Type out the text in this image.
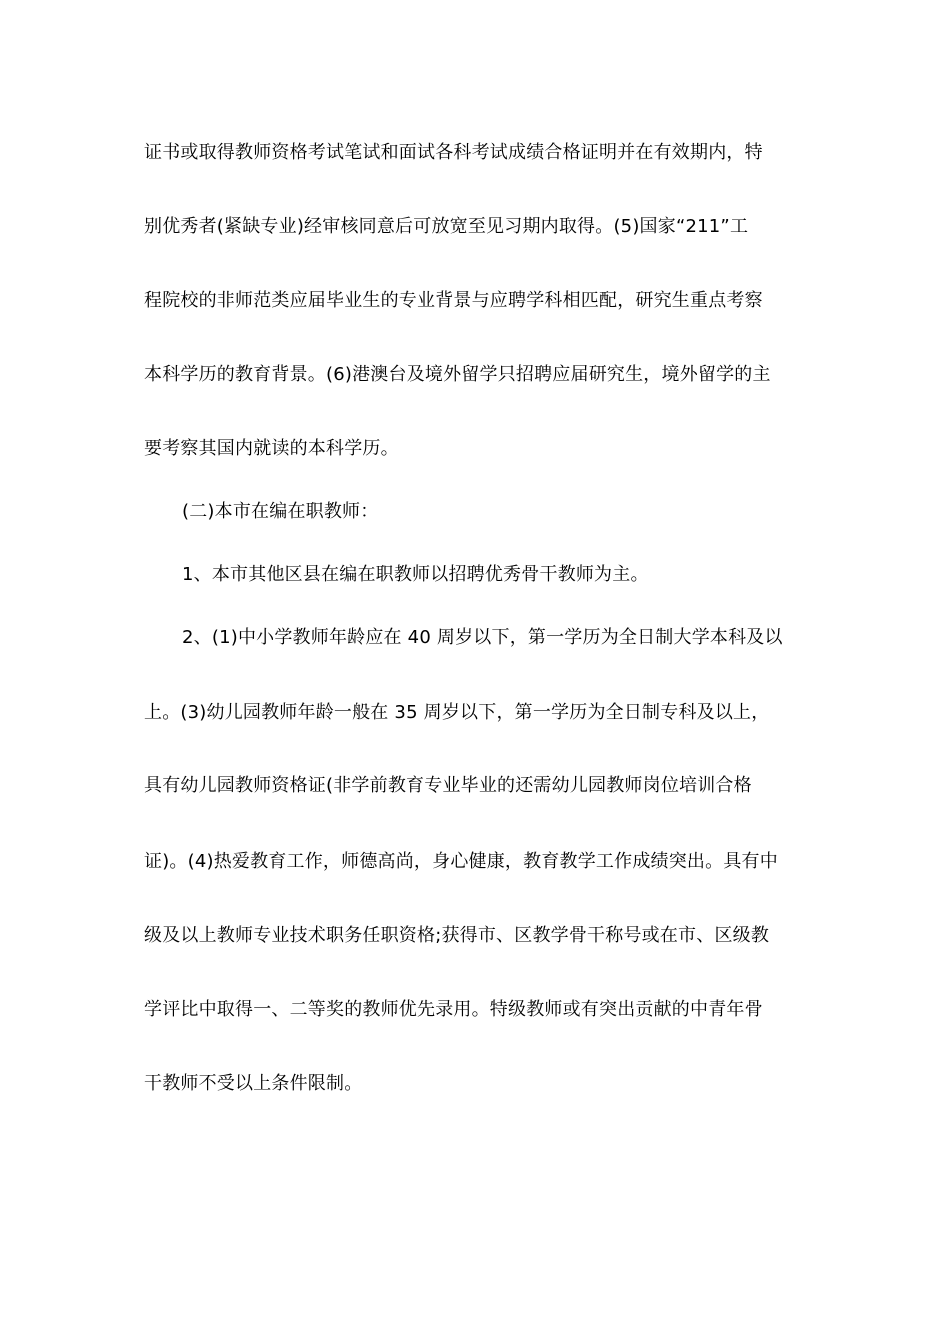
证书或取得教师资格考试笔试和面试各科考试成绩合格证明并在有效期内，特
别优秀者(紧缺专业)经审核同意后可放宽至见习期内取得。(5)国家“211”工
程院校的非师范类应届毕业生的专业背景与应聘学科相匹配，研究生重点考察
本科学历的教育背景。(6)港澳台及境外留学只招聘应届研究生，境外留学的主
要考察其国内就读的本科学历。
(二)本市在编在职教师：
1、本市其他区县在编在职教师以招聘优秀骨干教师为主。
2、(1)中小学教师年龄应在 40 周岁以下，第一学历为全日制大学本科及以
上。(3)幼儿园教师年龄一般在 35 周岁以下，第一学历为全日制专科及以上，
具有幼儿园教师资格证(非学前教育专业毕业的还需幼儿园教师岗位培训合格
证)。(4)热爱教育工作，师德高尚，身心健康，教育教学工作成绩突出。具有中
级及以上教师专业技术职务任职资格;获得市、区教学骨干称号或在市、区级教
学评比中取得一、二等奖的教师优先录用。特级教师或有突出贡献的中青年骨
干教师不受以上条件限制。
